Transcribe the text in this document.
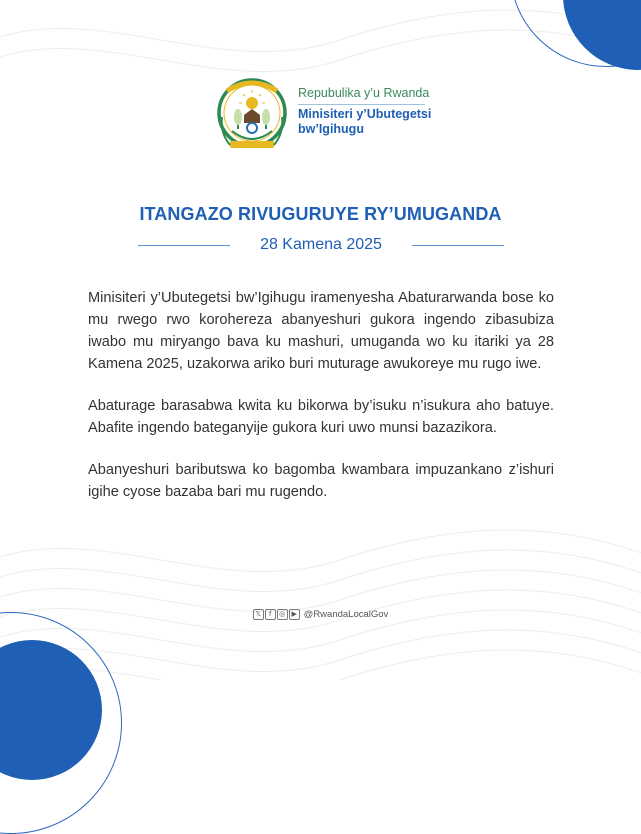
Repubulika y’u Rwanda
Minisiteri y’Ubutegetsi
bw’Igihugu
ITANGAZO RIVUGURUYE RY’UMUGANDA
28 Kamena 2025

Minisiteri y’Ubutegetsi bw’Igihugu iramenyesha Abaturarwanda bose ko mu rwego rwo korohereza abanyeshuri gukora ingendo zibasubiza iwabo mu miryango bava ku mashuri, umuganda wo ku itariki ya 28 Kamena 2025, uzakorwa ariko buri muturage awukoreye mu rugo iwe.

Abaturage barasabwa kwita ku bikorwa by’isuku n’isukura aho batuye. Abafite ingendo bateganyije gukora kuri uwo munsi bazazikora.

Abanyeshuri baributswa ko bagomba kwambara impuzankano z’ishuri igihe cyose bazaba bari mu rugendo.

𝕏	f	◎ ▶ @RwandaLocalGov
